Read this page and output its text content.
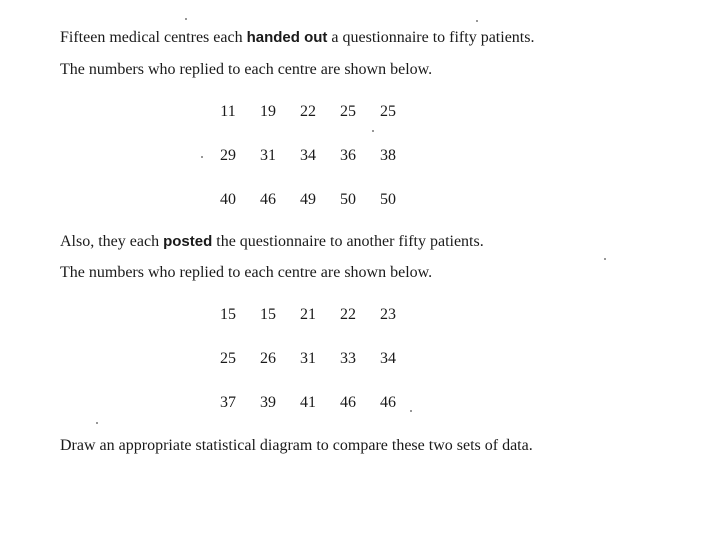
Fifteen medical centres each handed out a questionnaire to fifty patients.
The numbers who replied to each centre are shown below.
11	19	22	25	25
29	31	34	36	38
40	46	49	50	50
Also, they each posted the questionnaire to another fifty patients.
The numbers who replied to each centre are shown below.
15	15	21	22	23
25	26	31	33	34
37	39	41	46	46
Draw an appropriate statistical diagram to compare these two sets of data.
